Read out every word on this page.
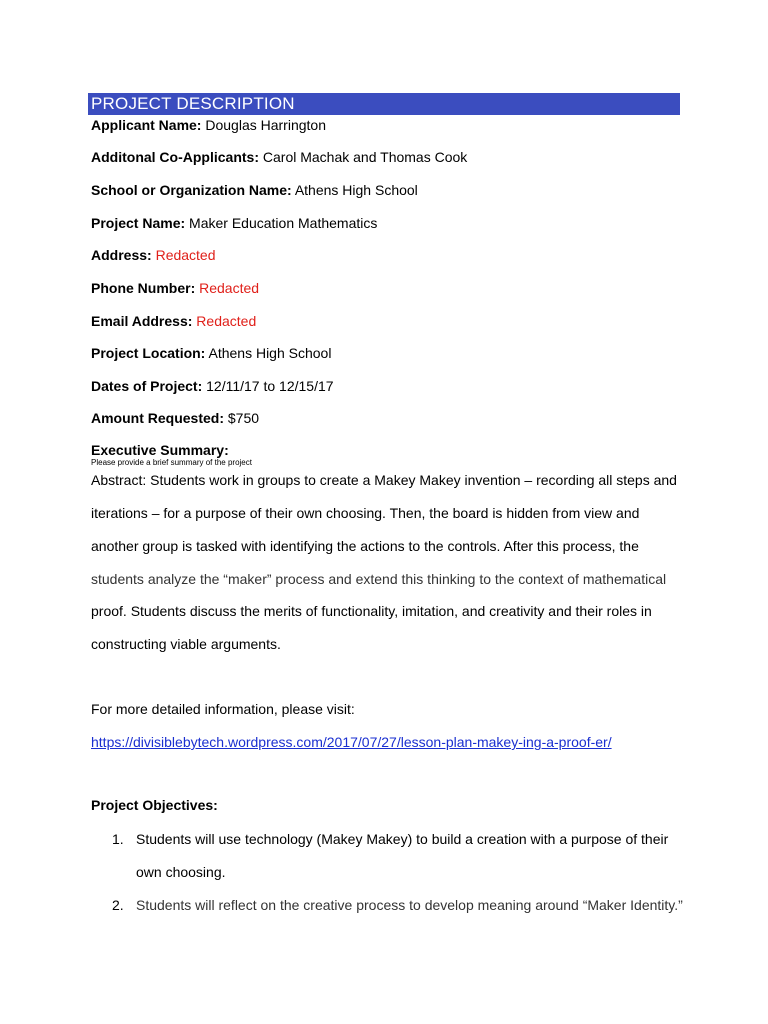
PROJECT DESCRIPTION
Applicant Name: Douglas Harrington
Additonal Co-Applicants: Carol Machak and Thomas Cook
School or Organization Name: Athens High School
Project Name: Maker Education Mathematics
Address: Redacted
Phone Number: Redacted
Email Address: Redacted
Project Location: Athens High School
Dates of Project: 12/11/17 to 12/15/17
Amount Requested: $750
Executive Summary:
Please provide a brief summary of the project
Abstract: Students work in groups to create a Makey Makey invention – recording all steps and
iterations – for a purpose of their own choosing. Then, the board is hidden from view and
another group is tasked with identifying the actions to the controls. After this process, the
students analyze the “maker” process and extend this thinking to the context of mathematical
proof. Students discuss the merits of functionality, imitation, and creativity and their roles in
constructing viable arguments.
For more detailed information, please visit:
https://divisiblebytech.wordpress.com/2017/07/27/lesson-plan-makey-ing-a-proof-er/
Project Objectives:
1. Students will use technology (Makey Makey) to build a creation with a purpose of their
own choosing.
2. Students will reflect on the creative process to develop meaning around “Maker Identity.”
